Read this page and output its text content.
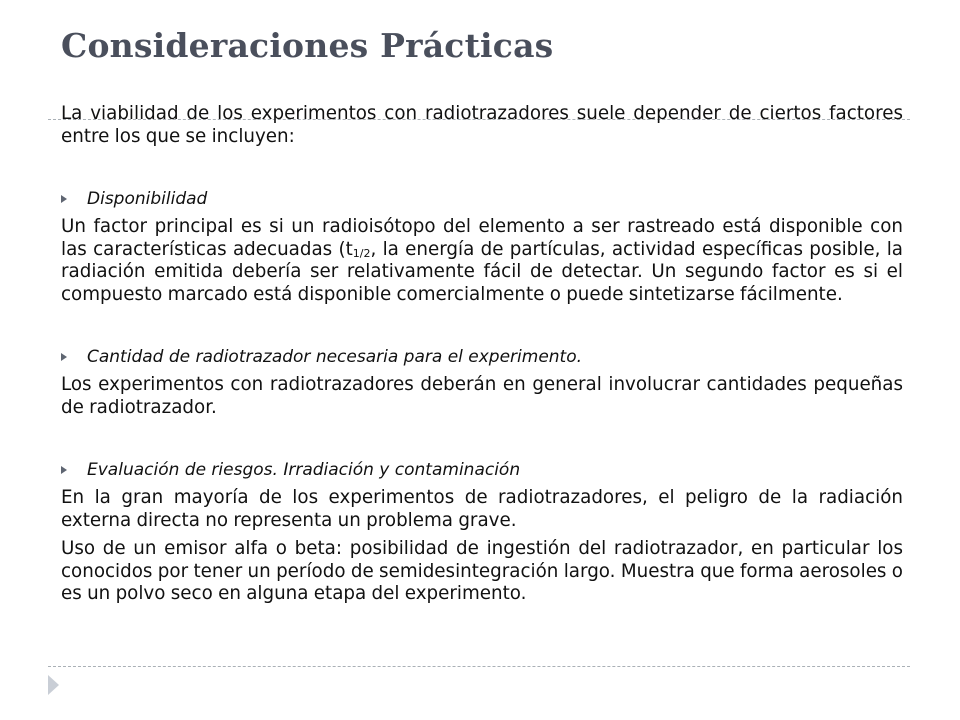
Consideraciones Prácticas

La viabilidad de los experimentos con radiotrazadores suele depender de ciertos factores entre los que se incluyen:

Disponibilidad

Un factor principal es si un radioisótopo del elemento a ser rastreado está disponible con las características adecuadas ($t_{1/2}$, la energía de partículas, actividad específicas posible, la radiación emitida debería ser relativamente fácil de detectar. Un segundo factor es si el compuesto marcado está disponible comercialmente o puede sintetizarse fácilmente.

Cantidad de radiotrazador necesaria para el experimento.

Los experimentos con radiotrazadores deberán en general involucrar cantidades pequeñas de radiotrazador.

Evaluación de riesgos. Irradiación y contaminación

En la gran mayoría de los experimentos de radiotrazadores, el peligro de la radiación externa directa no representa un problema grave.

Uso de un emisor alfa o beta: posibilidad de ingestión del radiotrazador, en particular los conocidos por tener un período de semidesintegración largo. Muestra que forma aerosoles o es un polvo seco en alguna etapa del experimento.
